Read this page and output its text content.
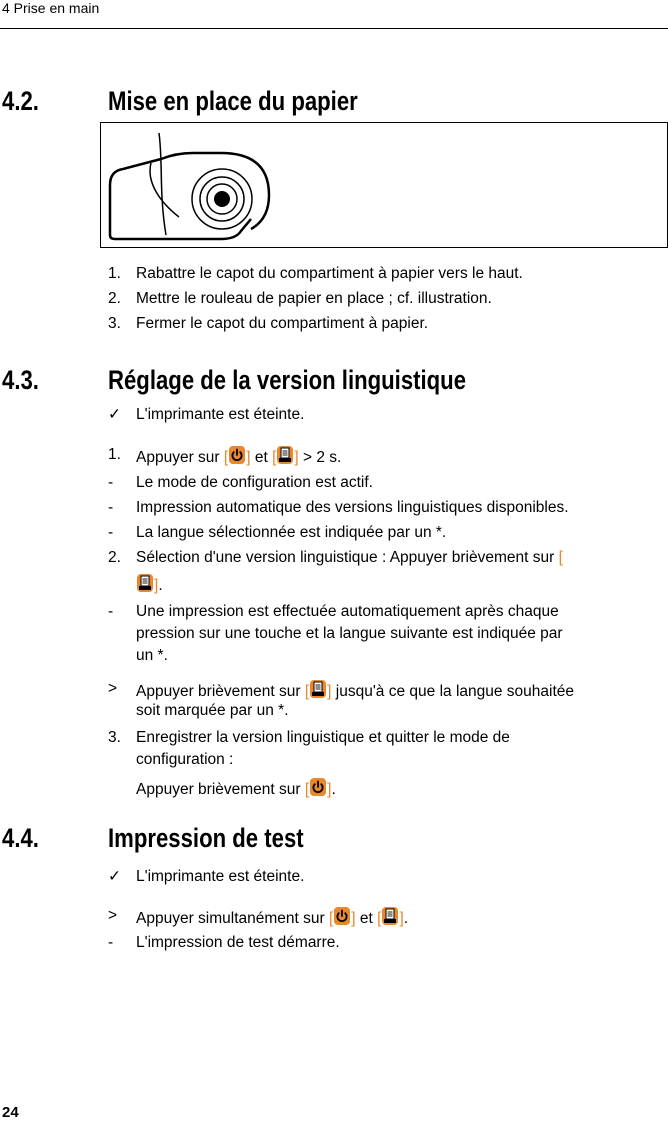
4 Prise en main
4.2.	Mise en place du papier
1. Rabattre le capot du compartiment à papier vers le haut.
2. Mettre le rouleau de papier en place ; cf. illustration.
3. Fermer le capot du compartiment à papier.
4.3.	Réglage de la version linguistique
✓ L'imprimante est éteinte.
1. Appuyer sur [ ] et [ ] > 2 s.
-	Le mode de configuration est actif.
-	Impression automatique des versions linguistiques disponibles.
-	La langue sélectionnée est indiquée par un *.
2. Sélection d'une version linguistique : Appuyer brièvement sur [
].
-	Une impression est effectuée automatiquement après chaque
pression sur une touche et la langue suivante est indiquée par
un *.
>	Appuyer brièvement sur [ ] jusqu'à ce que la langue souhaitée
soit marquée par un *.
3. Enregistrer la version linguistique et quitter le mode de
configuration :
Appuyer brièvement sur [ ].
4.4.	Impression de test
✓ L'imprimante est éteinte.
>	Appuyer simultanément sur [ ] et [ ].
-	L'impression de test démarre.
24
